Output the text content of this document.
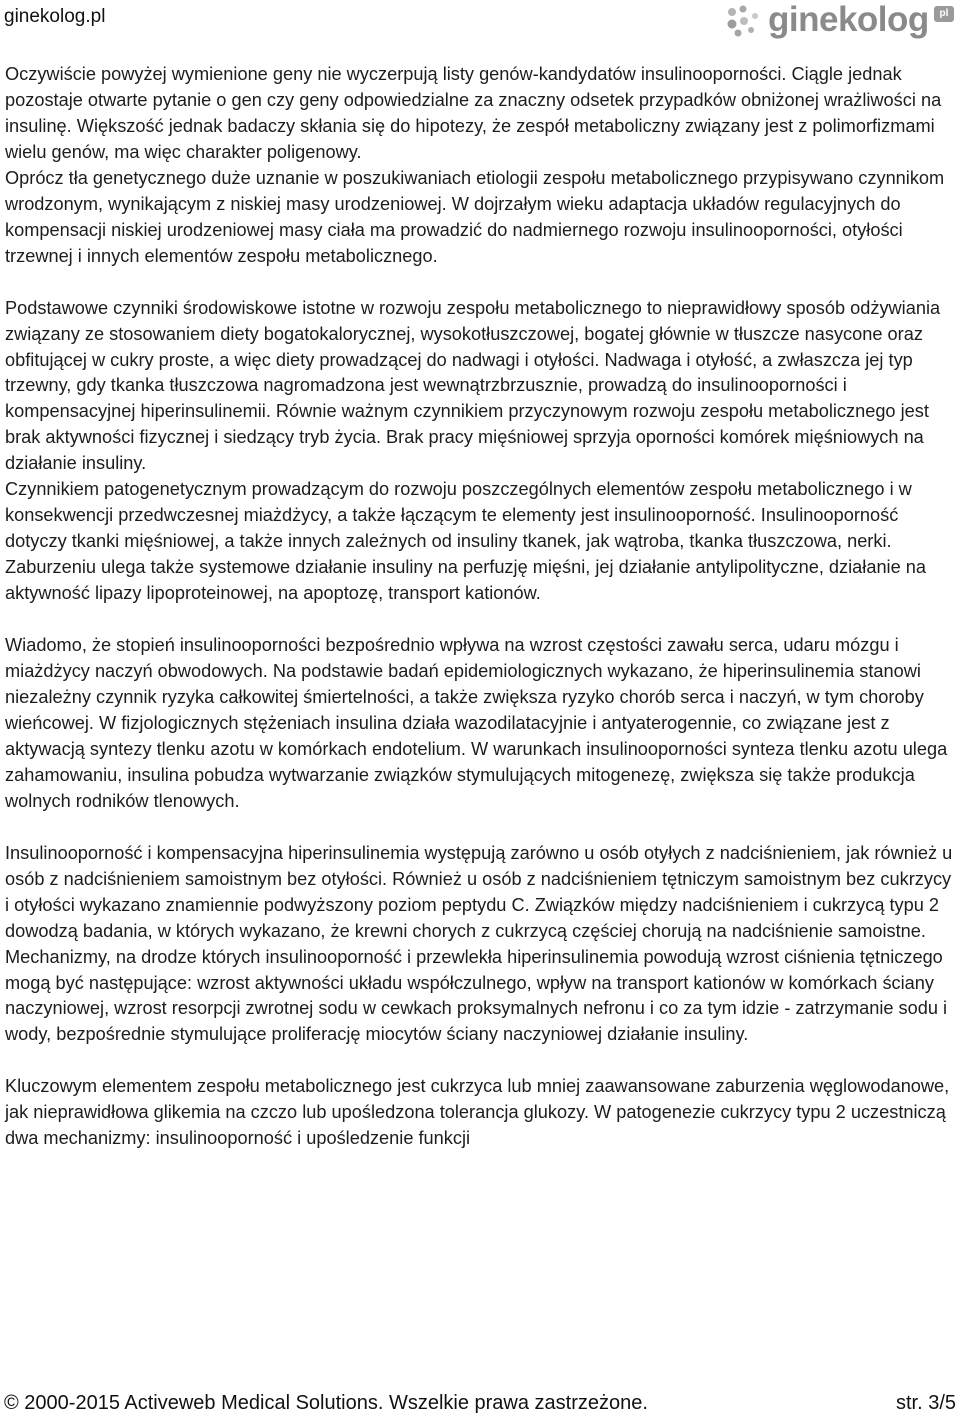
ginekolog.pl	ginekolog	pl

Oczywiście powyżej wymienione geny nie wyczerpują listy genów-kandydatów insulinooporności. Ciągle jednak pozostaje otwarte pytanie o gen czy geny odpowiedzialne za znaczny odsetek przypadków obniżonej wrażliwości na insulinę. Większość jednak badaczy skłania się do hipotezy, że zespół metaboliczny związany jest z polimorfizmami wielu genów, ma więc charakter poligenowy.

Oprócz tła genetycznego duże uznanie w poszukiwaniach etiologii zespołu metabolicznego przypisywano czynnikom wrodzonym, wynikającym z niskiej masy urodzeniowej. W dojrzałym wieku adaptacja układów regulacyjnych do kompensacji niskiej urodzeniowej masy ciała ma prowadzić do nadmiernego rozwoju insulinooporności, otyłości trzewnej i innych elementów zespołu metabolicznego.

Podstawowe czynniki środowiskowe istotne w rozwoju zespołu metabolicznego to nieprawidłowy sposób odżywiania związany ze stosowaniem diety bogatokalorycznej, wysokotłuszczowej, bogatej głównie w tłuszcze nasycone oraz obfitującej w cukry proste, a więc diety prowadzącej do nadwagi i otyłości. Nadwaga i otyłość, a zwłaszcza jej typ trzewny, gdy tkanka tłuszczowa nagromadzona jest wewnątrzbrzusznie, prowadzą do insulinooporności i kompensacyjnej hiperinsulinemii. Równie ważnym czynnikiem przyczynowym rozwoju zespołu metabolicznego jest brak aktywności fizycznej i siedzący tryb życia. Brak pracy mięśniowej sprzyja oporności komórek mięśniowych na działanie insuliny.

Czynnikiem patogenetycznym prowadzącym do rozwoju poszczególnych elementów zespołu metabolicznego i w konsekwencji przedwczesnej miażdżycy, a także łączącym te elementy jest insulinooporność. Insulinooporność dotyczy tkanki mięśniowej, a także innych zależnych od insuliny tkanek, jak wątroba, tkanka tłuszczowa, nerki. Zaburzeniu ulega także systemowe działanie insuliny na perfuzję mięśni, jej działanie antylipolityczne, działanie na aktywność lipazy lipoproteinowej, na apoptozę, transport kationów.

Wiadomo, że stopień insulinooporności bezpośrednio wpływa na wzrost częstości zawału serca, udaru mózgu i miażdżycy naczyń obwodowych. Na podstawie badań epidemiologicznych wykazano, że hiperinsulinemia stanowi niezależny czynnik ryzyka całkowitej śmiertelności, a także zwiększa ryzyko chorób serca i naczyń, w tym choroby wieńcowej. W fizjologicznych stężeniach insulina działa wazodilatacyjnie i antyaterogennie, co związane jest z aktywacją syntezy tlenku azotu w komórkach endotelium. W warunkach insulinooporności synteza tlenku azotu ulega zahamowaniu, insulina pobudza wytwarzanie związków stymulujących mitogenezę, zwiększa się także produkcja wolnych rodników tlenowych.

Insulinooporność i kompensacyjna hiperinsulinemia występują zarówno u osób otyłych z nadciśnieniem, jak również u osób z nadciśnieniem samoistnym bez otyłości. Również u osób z nadciśnieniem tętniczym samoistnym bez cukrzycy i otyłości wykazano znamiennie podwyższony poziom peptydu C. Związków między nadciśnieniem i cukrzycą typu 2 dowodzą badania, w których wykazano, że krewni chorych z cukrzycą częściej chorują na nadciśnienie samoistne. Mechanizmy, na drodze których insulinooporność i przewlekła hiperinsulinemia powodują wzrost ciśnienia tętniczego mogą być następujące: wzrost aktywności układu współczulnego, wpływ na transport kationów w komórkach ściany naczyniowej, wzrost resorpcji zwrotnej sodu w cewkach proksymalnych nefronu i co za tym idzie - zatrzymanie sodu i wody, bezpośrednie stymulujące proliferację miocytów ściany naczyniowej działanie insuliny.

Kluczowym elementem zespołu metabolicznego jest cukrzyca lub mniej zaawansowane zaburzenia węglowodanowe, jak nieprawidłowa glikemia na czczo lub upośledzona tolerancja glukozy. W patogenezie cukrzycy typu 2 uczestniczą dwa mechanizmy: insulinooporność i upośledzenie funkcji

© 2000-2015 Activeweb Medical Solutions. Wszelkie prawa zastrzeżone.	str. 3/5
